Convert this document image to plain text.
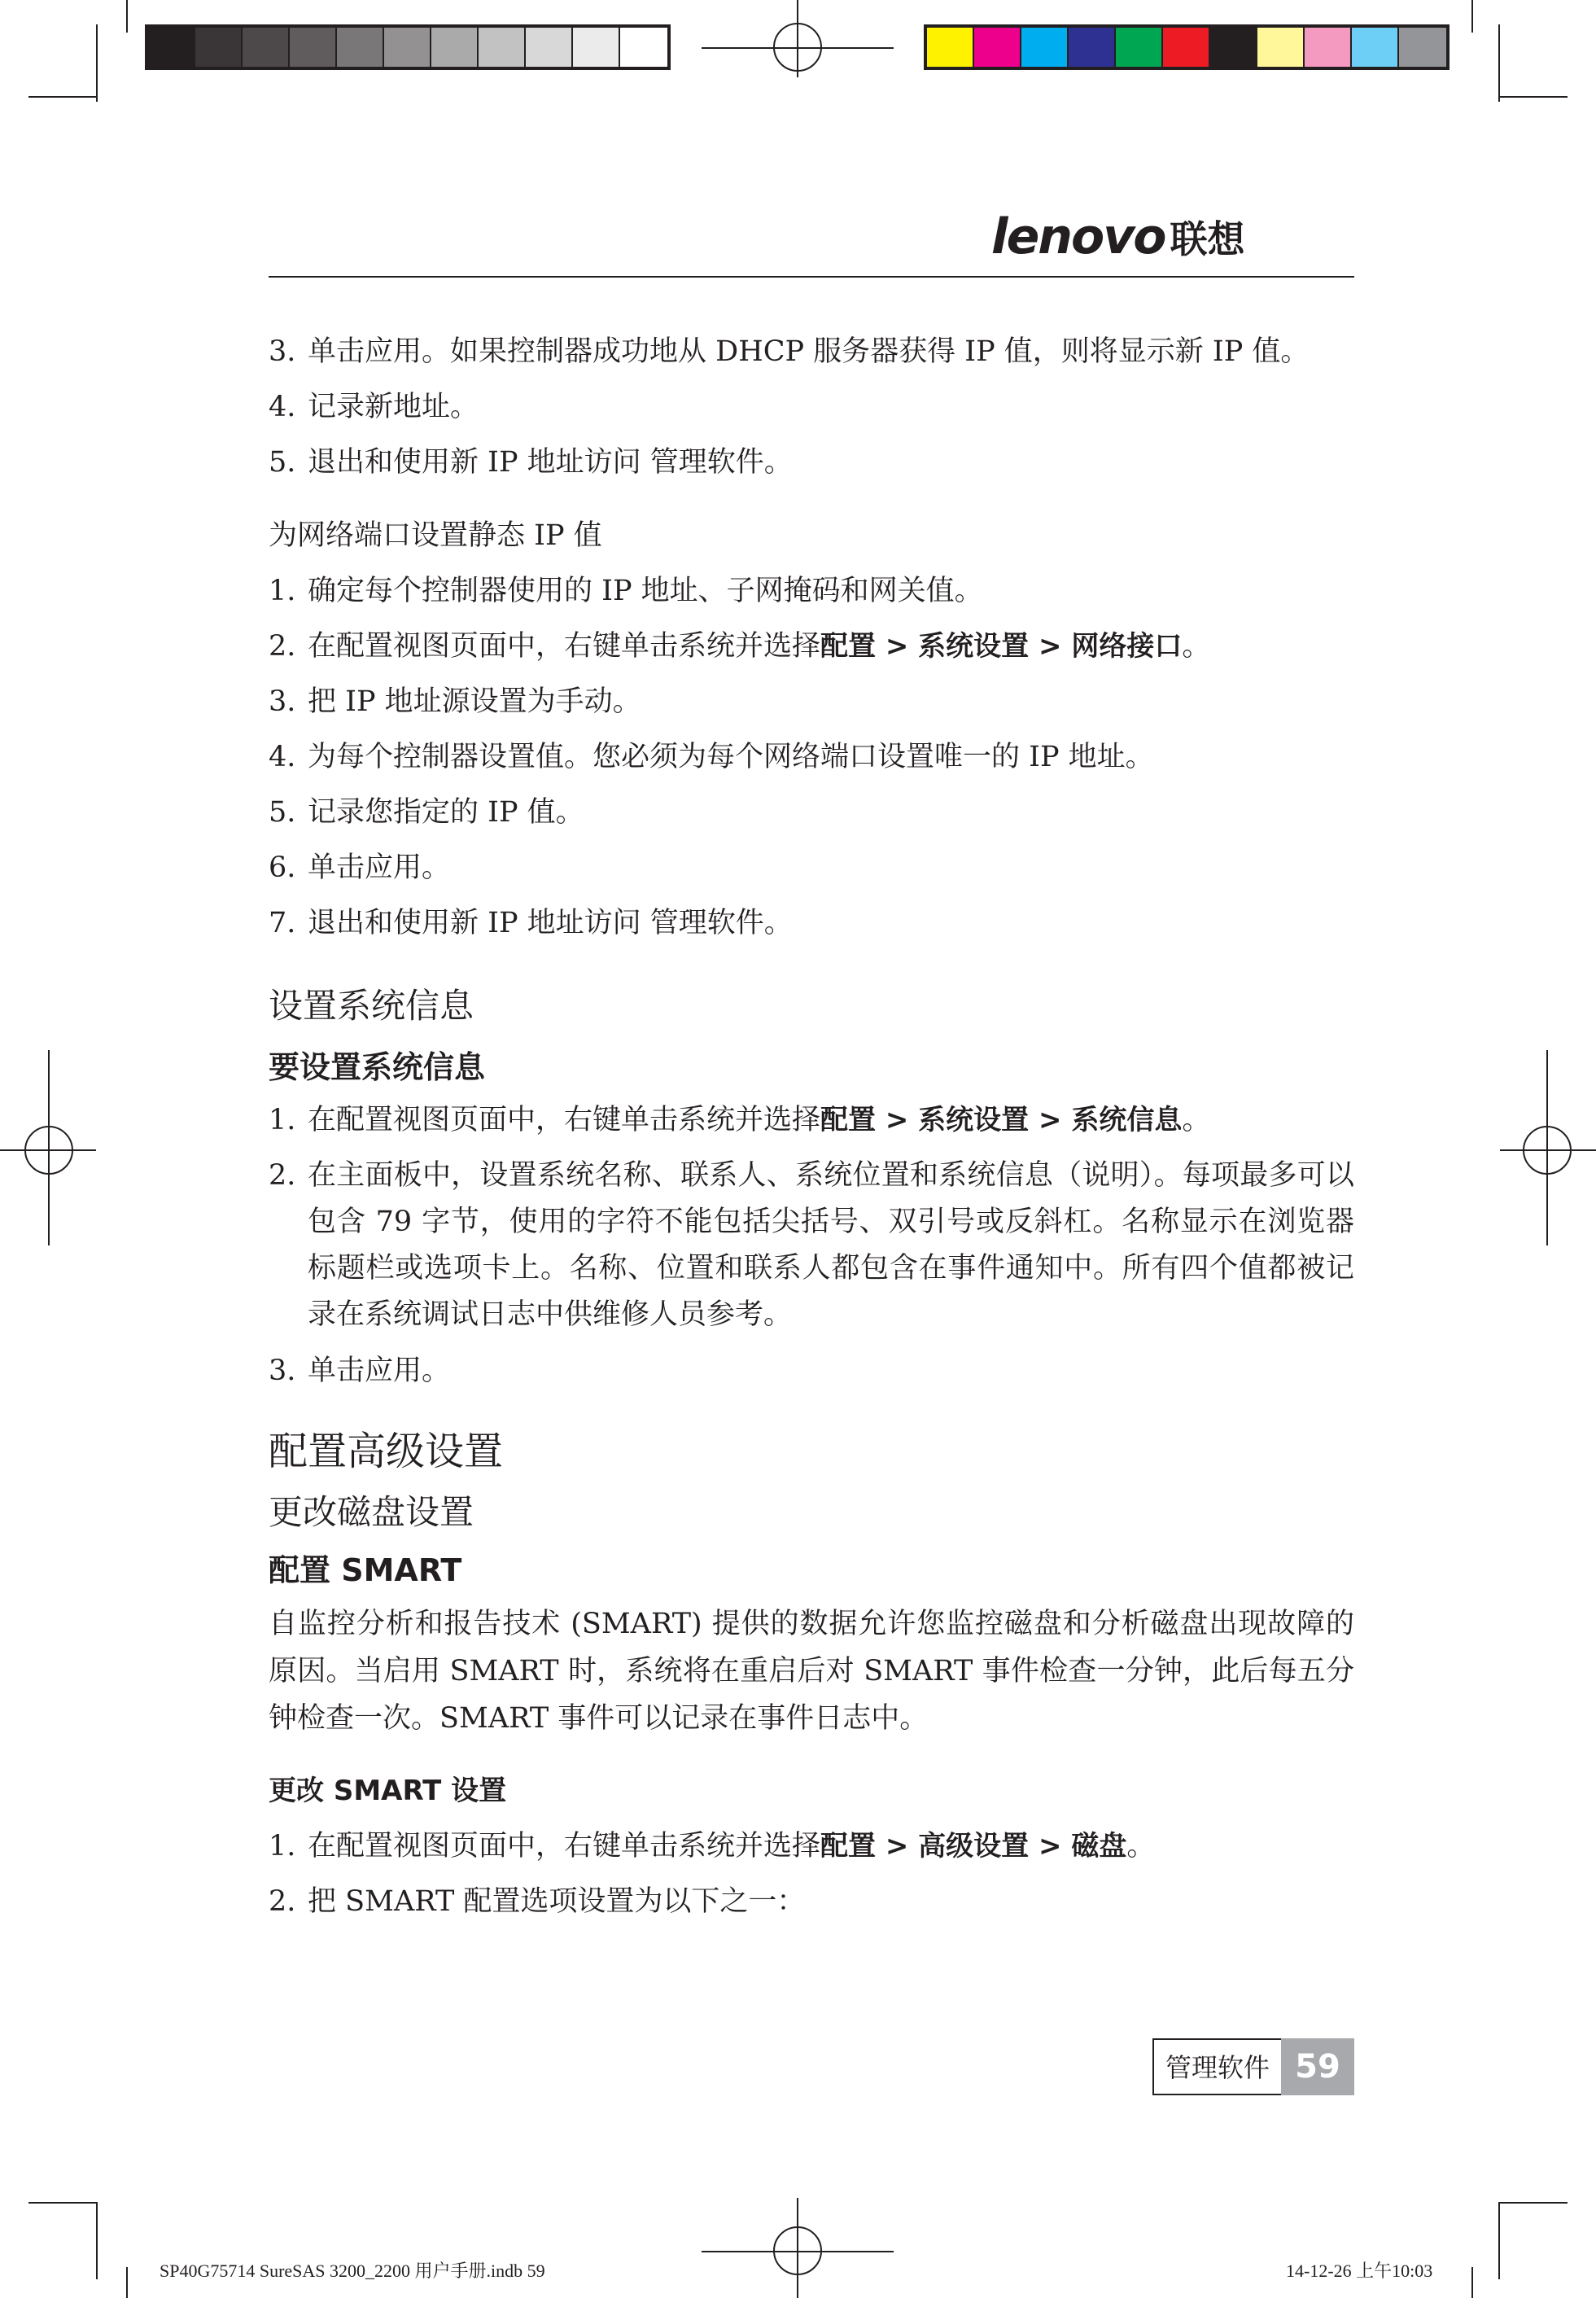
lenovo 联想

3. 单击应用。如果控制器成功地从 DHCP 服务器获得 IP 值，则将显示新 IP 值。

4. 记录新地址。

5. 退出和使用新 IP 地址访问 管理软件。

为网络端口设置静态 IP 值

1. 确定每个控制器使用的 IP 地址、子网掩码和网关值。

2. 在配置视图页面中，右键单击系统并选择配置 > 系统设置 > 网络接口。

3. 把 IP 地址源设置为手动。

4. 为每个控制器设置值。您必须为每个网络端口设置唯一的 IP 地址。

5. 记录您指定的 IP 值。

6. 单击应用。

7. 退出和使用新 IP 地址访问 管理软件。

设置系统信息
要设置系统信息

1. 在配置视图页面中，右键单击系统并选择配置 > 系统设置 > 系统信息。

2. 在主面板中，设置系统名称、联系人、系统位置和系统信息（说明）。每项最多可以包含 79 字节，使用的字符不能包括尖括号、双引号或反斜杠。名称显示在浏览器标题栏或选项卡上。名称、位置和联系人都包含在事件通知中。所有四个值都被记录在系统调试日志中供维修人员参考。

3. 单击应用。

配置高级设置
更改磁盘设置
配置 SMART

自监控分析和报告技术 (SMART) 提供的数据允许您监控磁盘和分析磁盘出现故障的原因。当启用 SMART 时，系统将在重启后对 SMART 事件检查一分钟，此后每五分钟检查一次。SMART 事件可以记录在事件日志中。

更改 SMART 设置

1. 在配置视图页面中，右键单击系统并选择配置 > 高级设置 > 磁盘。

2. 把 SMART 配置选项设置为以下之一：

管理软件 59
SP40G75714 SureSAS 3200_2200 用户手册.indb 59	14-12-26 上午10:03
